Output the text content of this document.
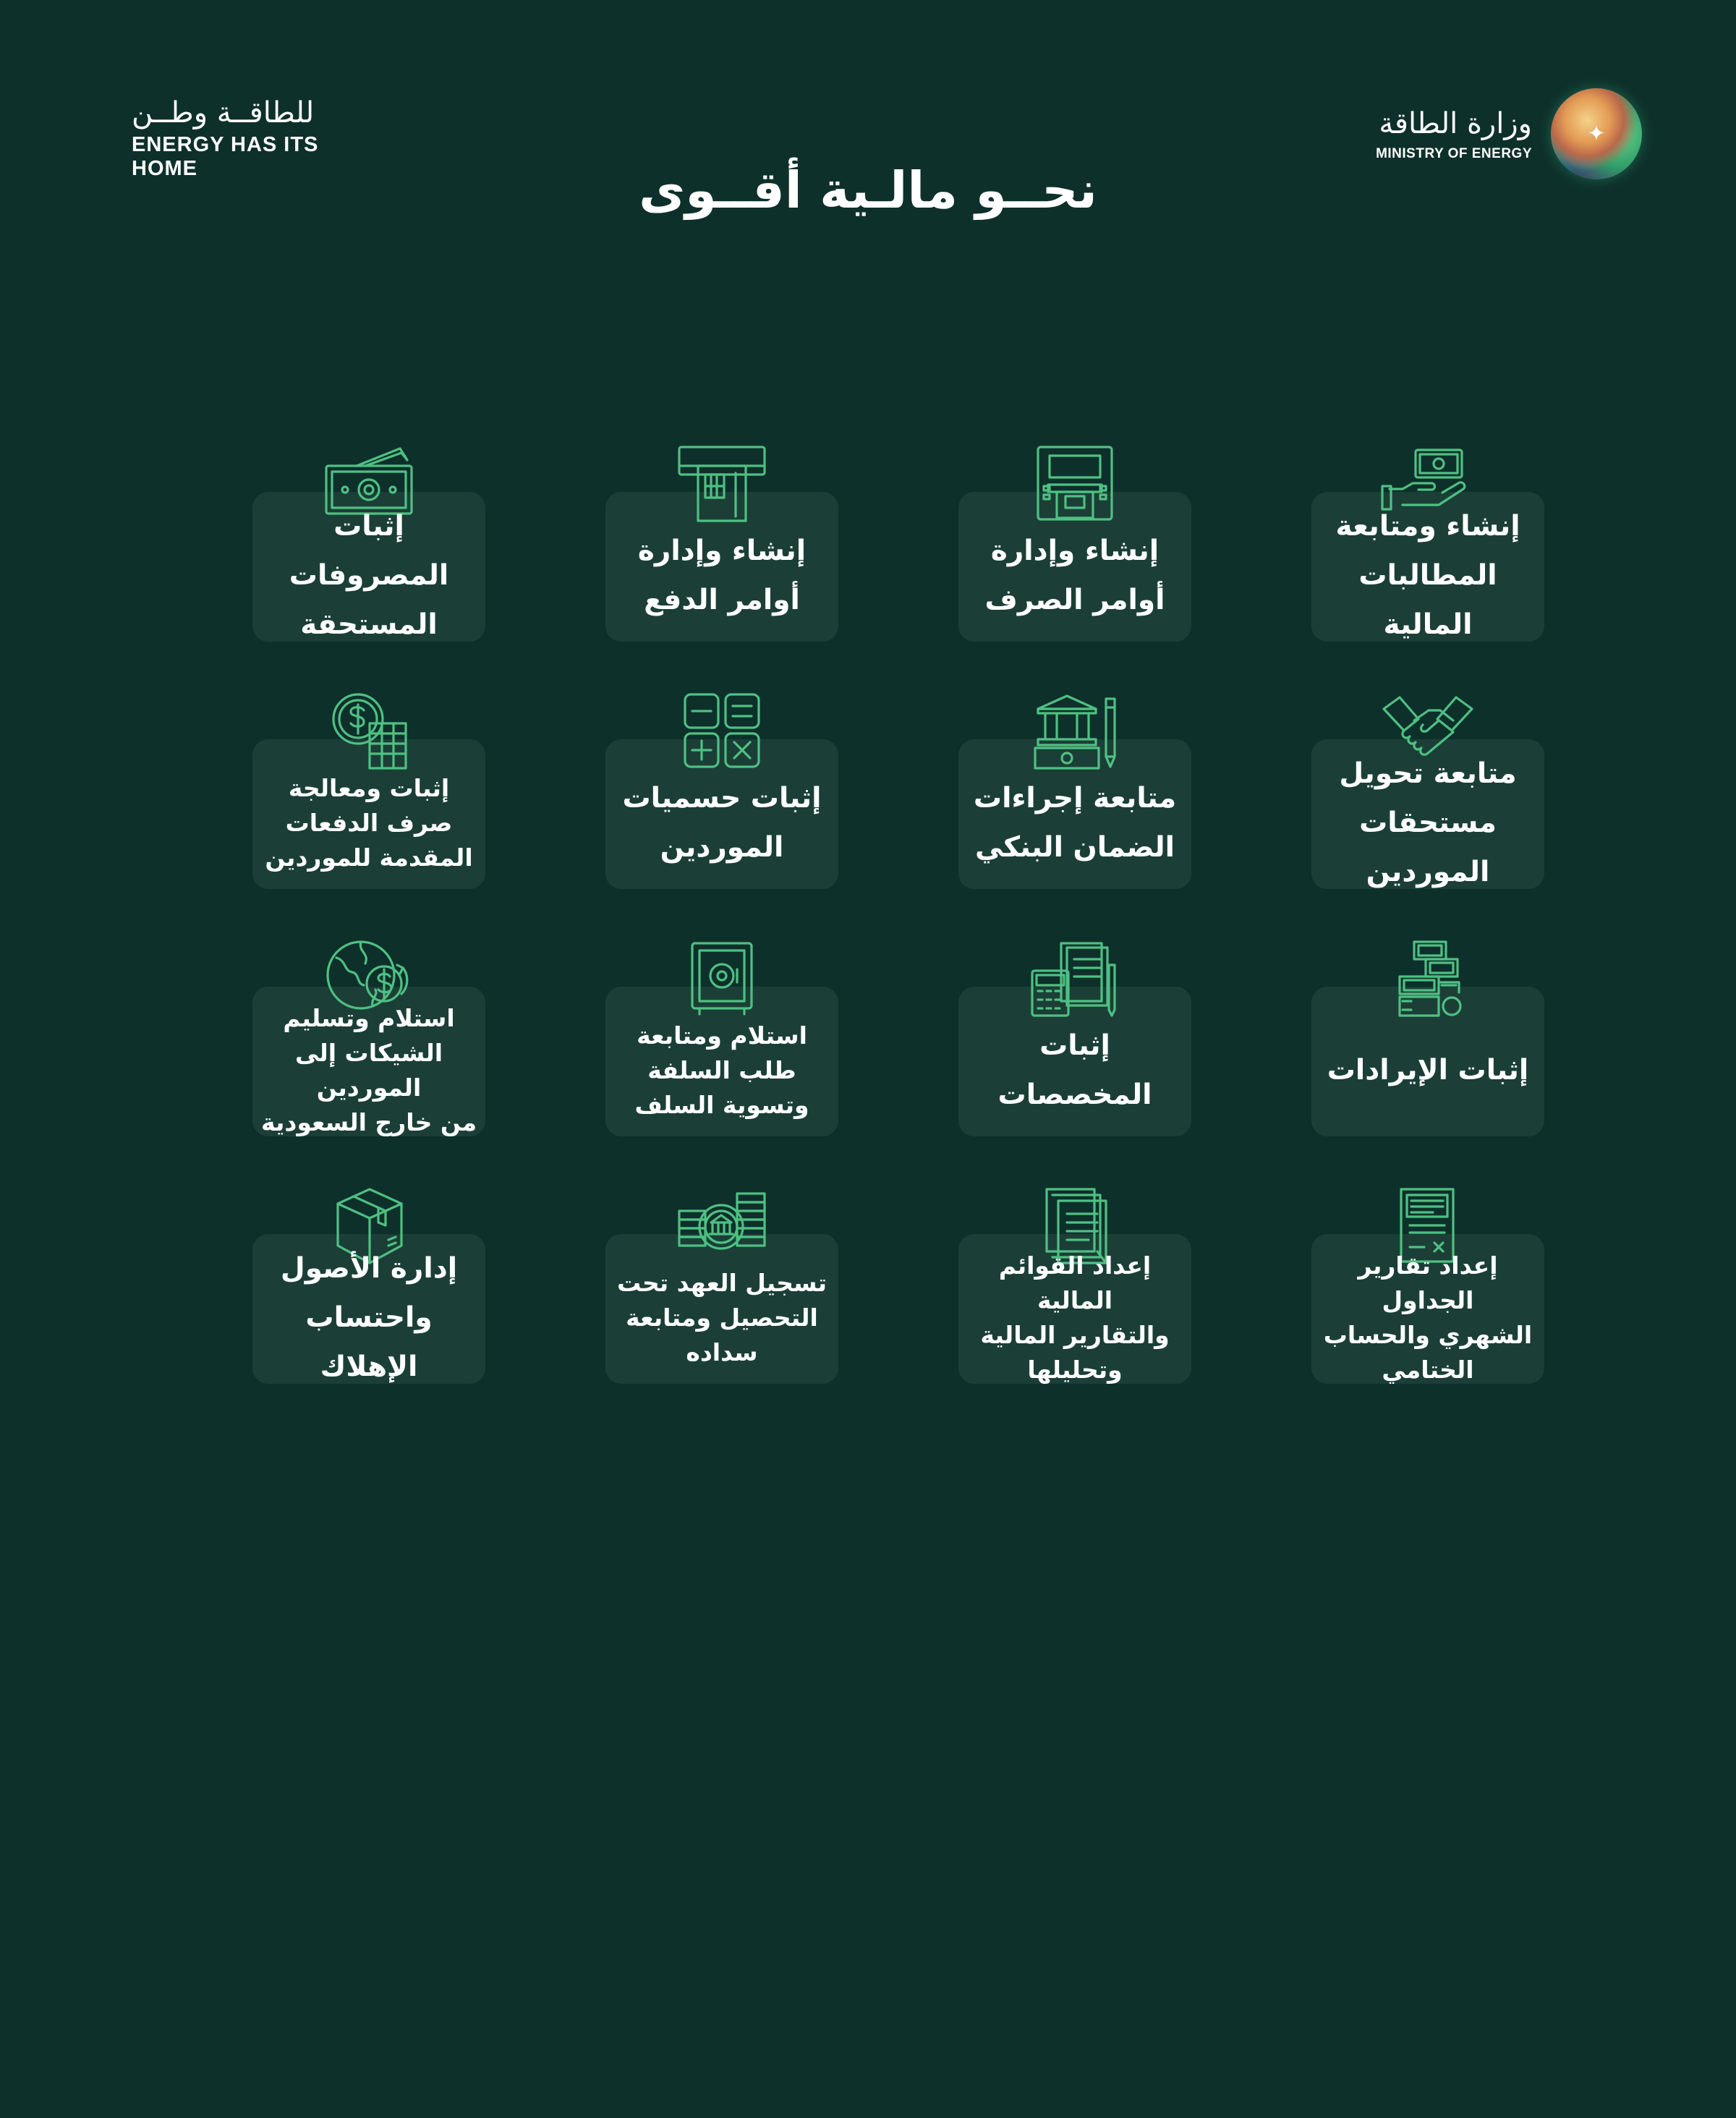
للطاقــة وطــن
ENERGY HAS ITS HOME
وزارة الطاقة
MINISTRY OF ENERGY
✦
نحــو مالـية أقــوى
إنشاء ومتابعة
المطالبات المالية
إنشاء وإدارة
أوامر الصرف
إنشاء وإدارة
أوامر الدفع
إثبات المصروفات
المستحقة
متابعة تحويل
مستحقات الموردين
متابعة إجراءات
الضمان البنكي
إثبات حسميات
الموردين
إثبات ومعالجة
صرف الدفعات
المقدمة للموردين
إثبات الإيرادات
إثبات المخصصات
استلام ومتابعة
طلب السلفة
وتسوية السلف
استلام وتسليم
الشيكات إلى الموردين
من خارج السعودية
إعداد تقارير الجداول
الشهري والحساب
الختامي
إعداد القوائم المالية
والتقارير المالية
وتحليلها
تسجيل العهد تحت
التحصيل ومتابعة
سداده
إدارة الأصول
واحتساب الإهلاك
